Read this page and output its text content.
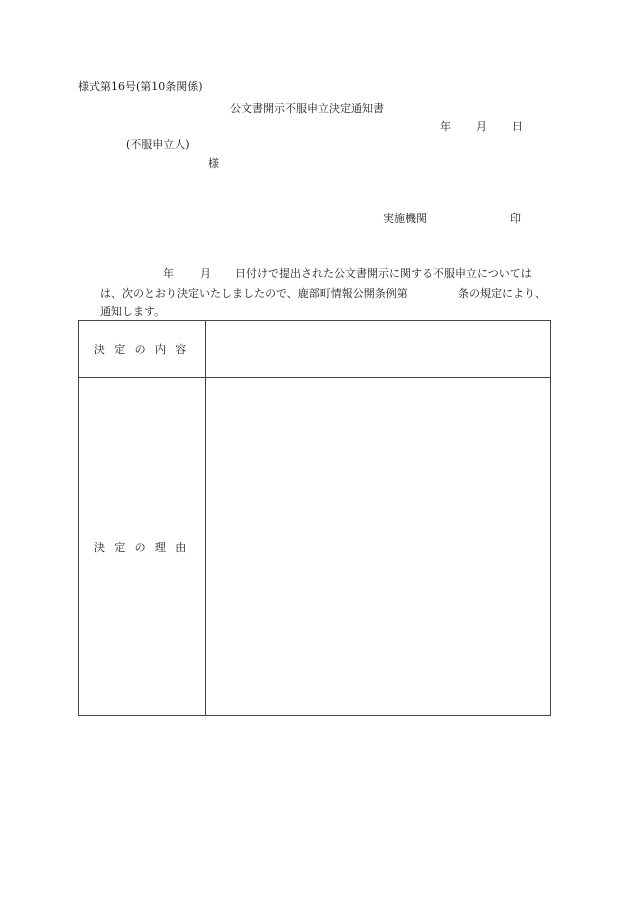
様式第16号(第10条関係)
公文書開示不服申立決定通知書
年 月 日
(不服申立人)
様
実施機関	印
年 月 日付けで提出された公文書開示に関する不服申立については
は、次のとおり決定いたしましたので、鹿部町情報公開条例第	条の規定により、
通知します。
決定の内容
決定の理由
